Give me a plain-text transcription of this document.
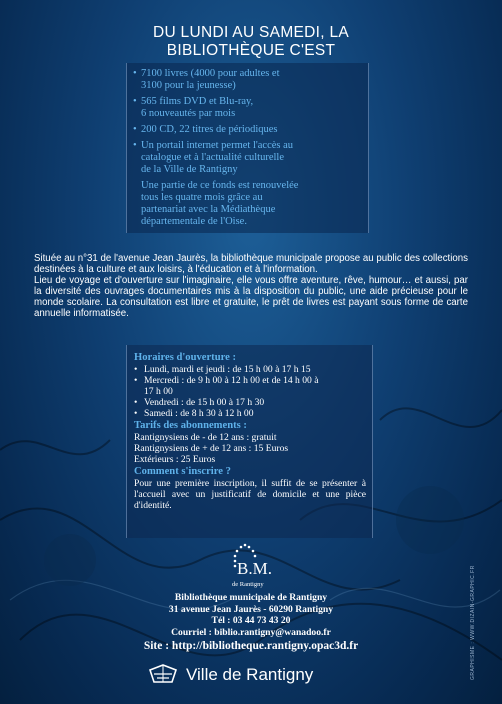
DU LUNDI AU SAMEDI, LA
BIBLIOTHÈQUE C'EST
• 7100 livres (4000 pour adultes et
3100 pour la jeunesse)
• 565 films DVD et Blu-ray,
6 nouveautés par mois
• 200 CD, 22 titres de périodiques
• Un portail internet permet l'accès au
catalogue et à l'actualité culturelle
de la Ville de Rantigny
Une partie de ce fonds est renouvelée
tous les quatre mois grâce au
partenariat avec la Médiathèque
départementale de l'Oise.

Située au n°31 de l'avenue Jean Jaurès, la bibliothèque municipale propose au public des collections destinées à la culture et aux loisirs, à l'éducation et à l'information.

Lieu de voyage et d'ouverture sur l'imaginaire, elle vous offre aventure, rêve, humour… et aussi, par la diversité des ouvrages documentaires mis à la disposition du public, une aide précieuse pour le monde scolaire. La consultation est libre et gratuite, le prêt de livres est payant sous forme de carte annuelle informatisée.

Horaires d'ouverture :
• Lundi, mardi et jeudi : de 15 h 00 à 17 h 15
• Mercredi : de 9 h 00 à 12 h 00 et de 14 h 00 à
17 h 00
• Vendredi : de 15 h 00 à 17 h 30
• Samedi : de 8 h 30 à 12 h 00
Tarifs des abonnements :
Rantignysiens de - de 12 ans : gratuit
Rantignysiens de + de 12 ans : 15 Euros
Extérieurs : 25 Euros
Comment s'inscrire ?
Pour une première inscription, il suffit de se présenter à l'accueil avec un justificatif de domicile et une pièce d'identité.
B.M.
de Rantigny
Bibliothèque municipale de Rantigny
31 avenue Jean Jaurès - 60290 Rantigny
Tél : 03 44 73 43 20
Courriel : biblio.rantigny@wanadoo.fr
Site : http://bibliotheque.rantigny.opac3d.fr
Ville de Rantigny	GRAPHISME : WWW.DIZAIN-GRAPHIC.FR
